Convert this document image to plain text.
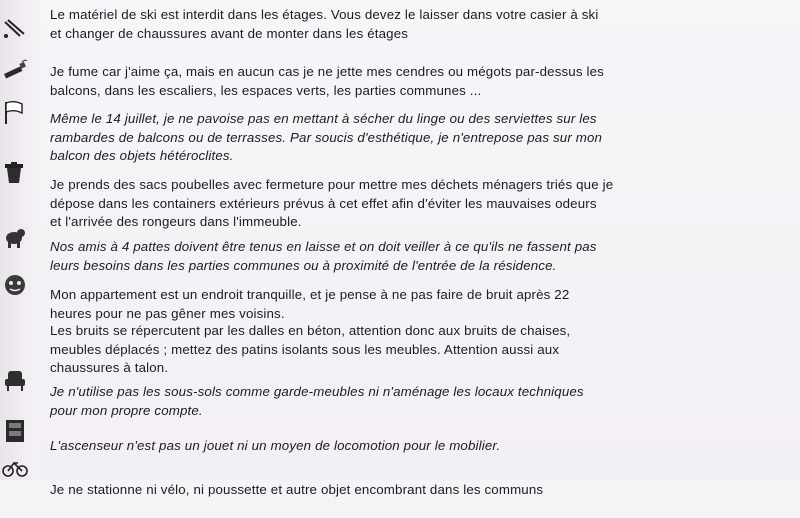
Le matériel de ski est interdit dans les étages. Vous devez le laisser dans votre casier à ski
et changer de chaussures avant de monter dans les étages

Je fume car j'aime ça, mais en aucun cas je ne jette mes cendres ou mégots par-dessus les
balcons, dans les escaliers, les espaces verts, les parties communes ...

Même le 14 juillet, je ne pavoise pas en mettant à sécher du linge ou des serviettes sur les
rambardes de balcons ou de terrasses. Par soucis d'esthétique, je n'entrepose pas sur mon
balcon des objets hétéroclites.

Je prends des sacs poubelles avec fermeture pour mettre mes déchets ménagers triés que je
dépose dans les containers extérieurs prévus à cet effet afin d'éviter les mauvaises odeurs
et l'arrivée des rongeurs dans l'immeuble.

Nos amis à 4 pattes doivent être tenus en laisse et on doit veiller à ce qu'ils ne fassent pas
leurs besoins dans les parties communes ou à proximité de l'entrée de la résidence.

Mon appartement est un endroit tranquille, et je pense à ne pas faire de bruit après 22
heures pour ne pas gêner mes voisins.

Les bruits se répercutent par les dalles en béton, attention donc aux bruits de chaises,
meubles déplacés ; mettez des patins isolants sous les meubles. Attention aussi aux
chaussures à talon.

Je n'utilise pas les sous-sols comme garde-meubles ni n'aménage les locaux techniques
pour mon propre compte.

L'ascenseur n'est pas un jouet ni un moyen de locomotion pour le mobilier.

Je ne stationne ni vélo, ni poussette et autre objet encombrant dans les communs
